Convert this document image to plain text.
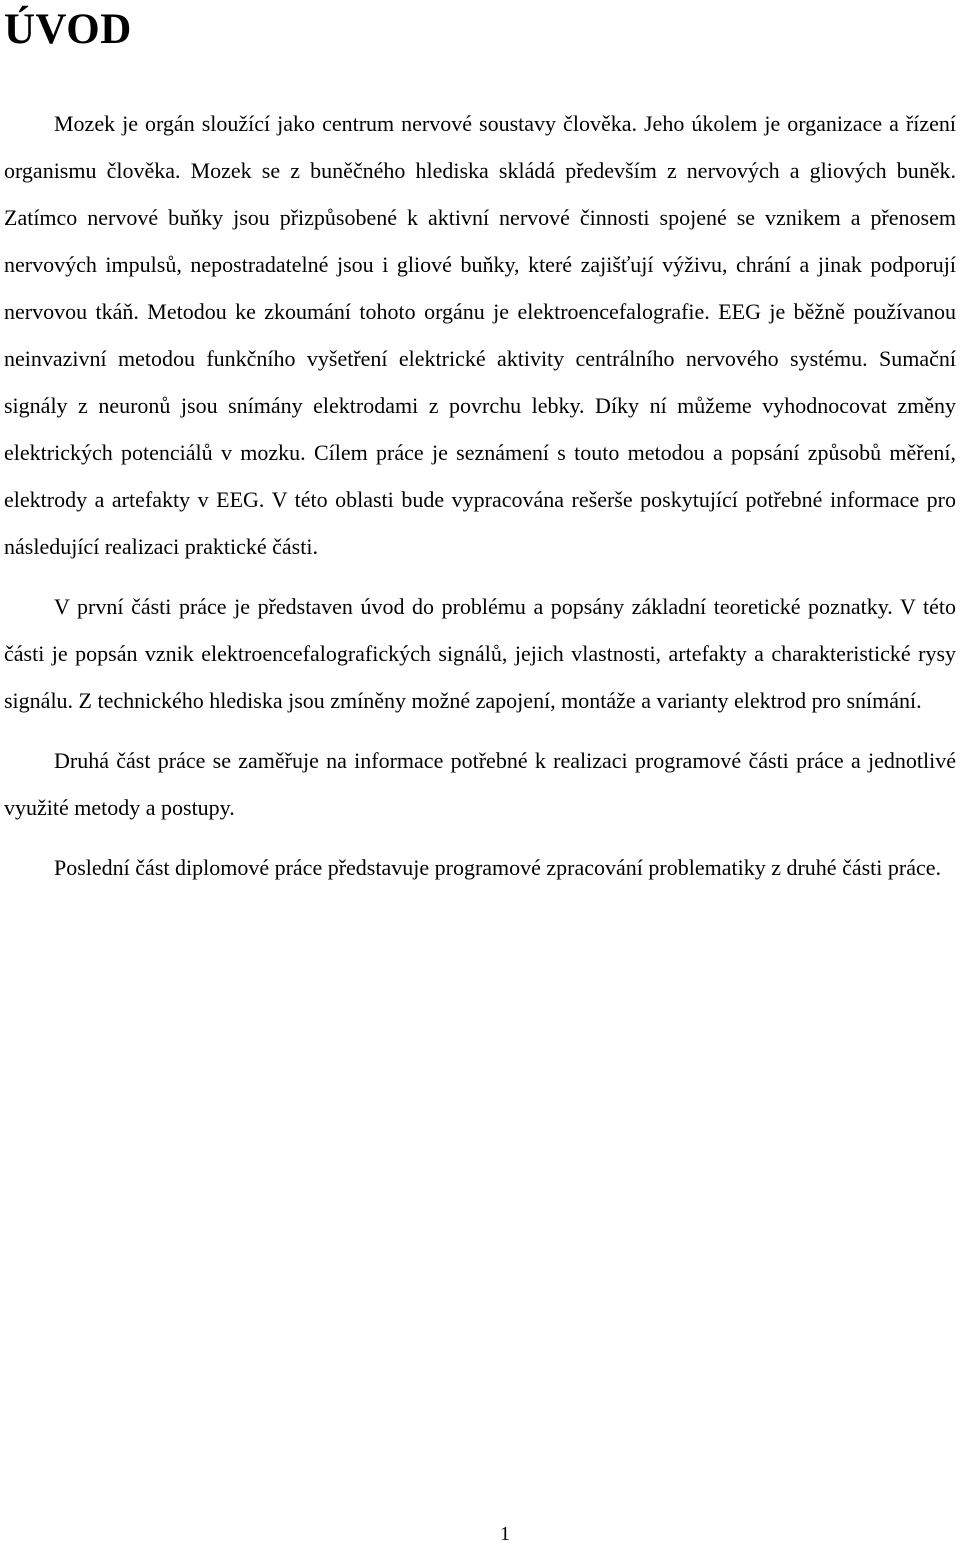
ÚVOD

Mozek je orgán sloužící jako centrum nervové soustavy člověka. Jeho úkolem je organizace a řízení organismu člověka. Mozek se z buněčného hlediska skládá především z nervových a gliových buněk. Zatímco nervové buňky jsou přizpůsobené k aktivní nervové činnosti spojené se vznikem a přenosem nervových impulsů, nepostradatelné jsou i gliové buňky, které zajišťují výživu, chrání a jinak podporují nervovou tkáň. Metodou ke zkoumání tohoto orgánu je elektroencefalografie. EEG je běžně používanou neinvazivní metodou funkčního vyšetření elektrické aktivity centrálního nervového systému. Sumační signály z neuronů jsou snímány elektrodami z povrchu lebky. Díky ní můžeme vyhodnocovat změny elektrických potenciálů v mozku. Cílem práce je seznámení s touto metodou a popsání způsobů měření, elektrody a artefakty v EEG. V této oblasti bude vypracována rešerše poskytující potřebné informace pro následující realizaci praktické části.

V první části práce je představen úvod do problému a popsány základní teoretické poznatky. V této části je popsán vznik elektroencefalografických signálů, jejich vlastnosti, artefakty a charakteristické rysy signálu. Z technického hlediska jsou zmíněny možné zapojení, montáže a varianty elektrod pro snímání.

Druhá část práce se zaměřuje na informace potřebné k realizaci programové části práce a jednotlivé využité metody a postupy.

Poslední část diplomové práce představuje programové zpracování problematiky z druhé části práce.

1
